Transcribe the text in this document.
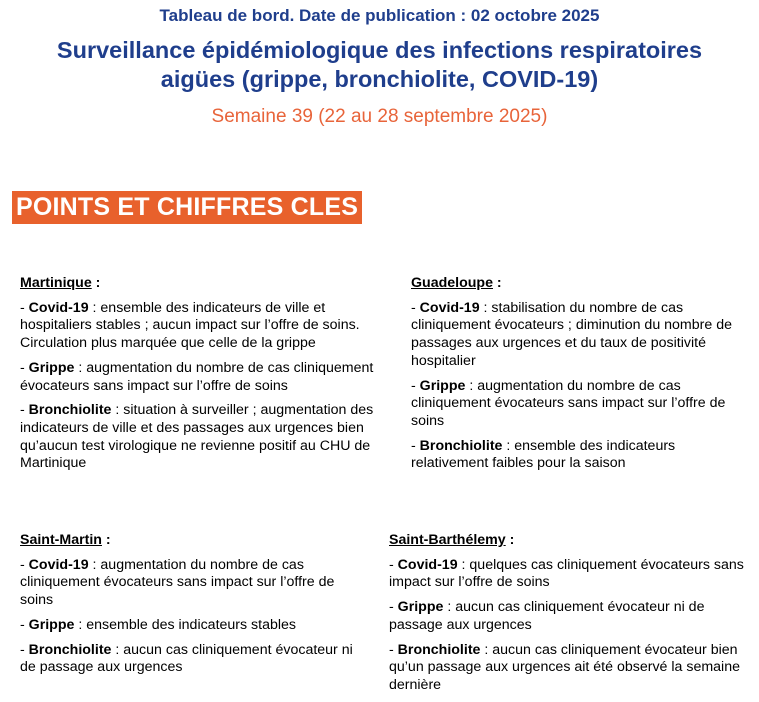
Tableau de bord. Date de publication : 02 octobre 2025
Surveillance épidémiologique des infections respiratoires
aigües (grippe, bronchiolite, COVID-19)
Semaine 39 (22 au 28 septembre 2025)
POINTS ET CHIFFRES CLES
Martinique :

- Covid-19 : ensemble des indicateurs de ville et hospitaliers stables ; aucun impact sur l’offre de soins. Circulation plus marquée que celle de la grippe

- Grippe : augmentation du nombre de cas cliniquement évocateurs sans impact sur l’offre de soins

- Bronchiolite : situation à surveiller ; augmentation des indicateurs de ville et des passages aux urgences bien qu’aucun test virologique ne revienne positif au CHU de Martinique

Guadeloupe :

- Covid-19 : stabilisation du nombre de cas cliniquement évocateurs ; diminution du nombre de passages aux urgences et du taux de positivité hospitalier

- Grippe : augmentation du nombre de cas cliniquement évocateurs sans impact sur l’offre de soins

- Bronchiolite : ensemble des indicateurs relativement faibles pour la saison

Saint-Martin :

- Covid-19 : augmentation du nombre de cas cliniquement évocateurs sans impact sur l’offre de soins

- Grippe : ensemble des indicateurs stables

- Bronchiolite : aucun cas cliniquement évocateur ni de passage aux urgences

Saint-Barthélemy :

- Covid-19 : quelques cas cliniquement évocateurs sans impact sur l’offre de soins

- Grippe : aucun cas cliniquement évocateur ni de passage aux urgences

- Bronchiolite : aucun cas cliniquement évocateur bien qu’un passage aux urgences ait été observé la semaine dernière
